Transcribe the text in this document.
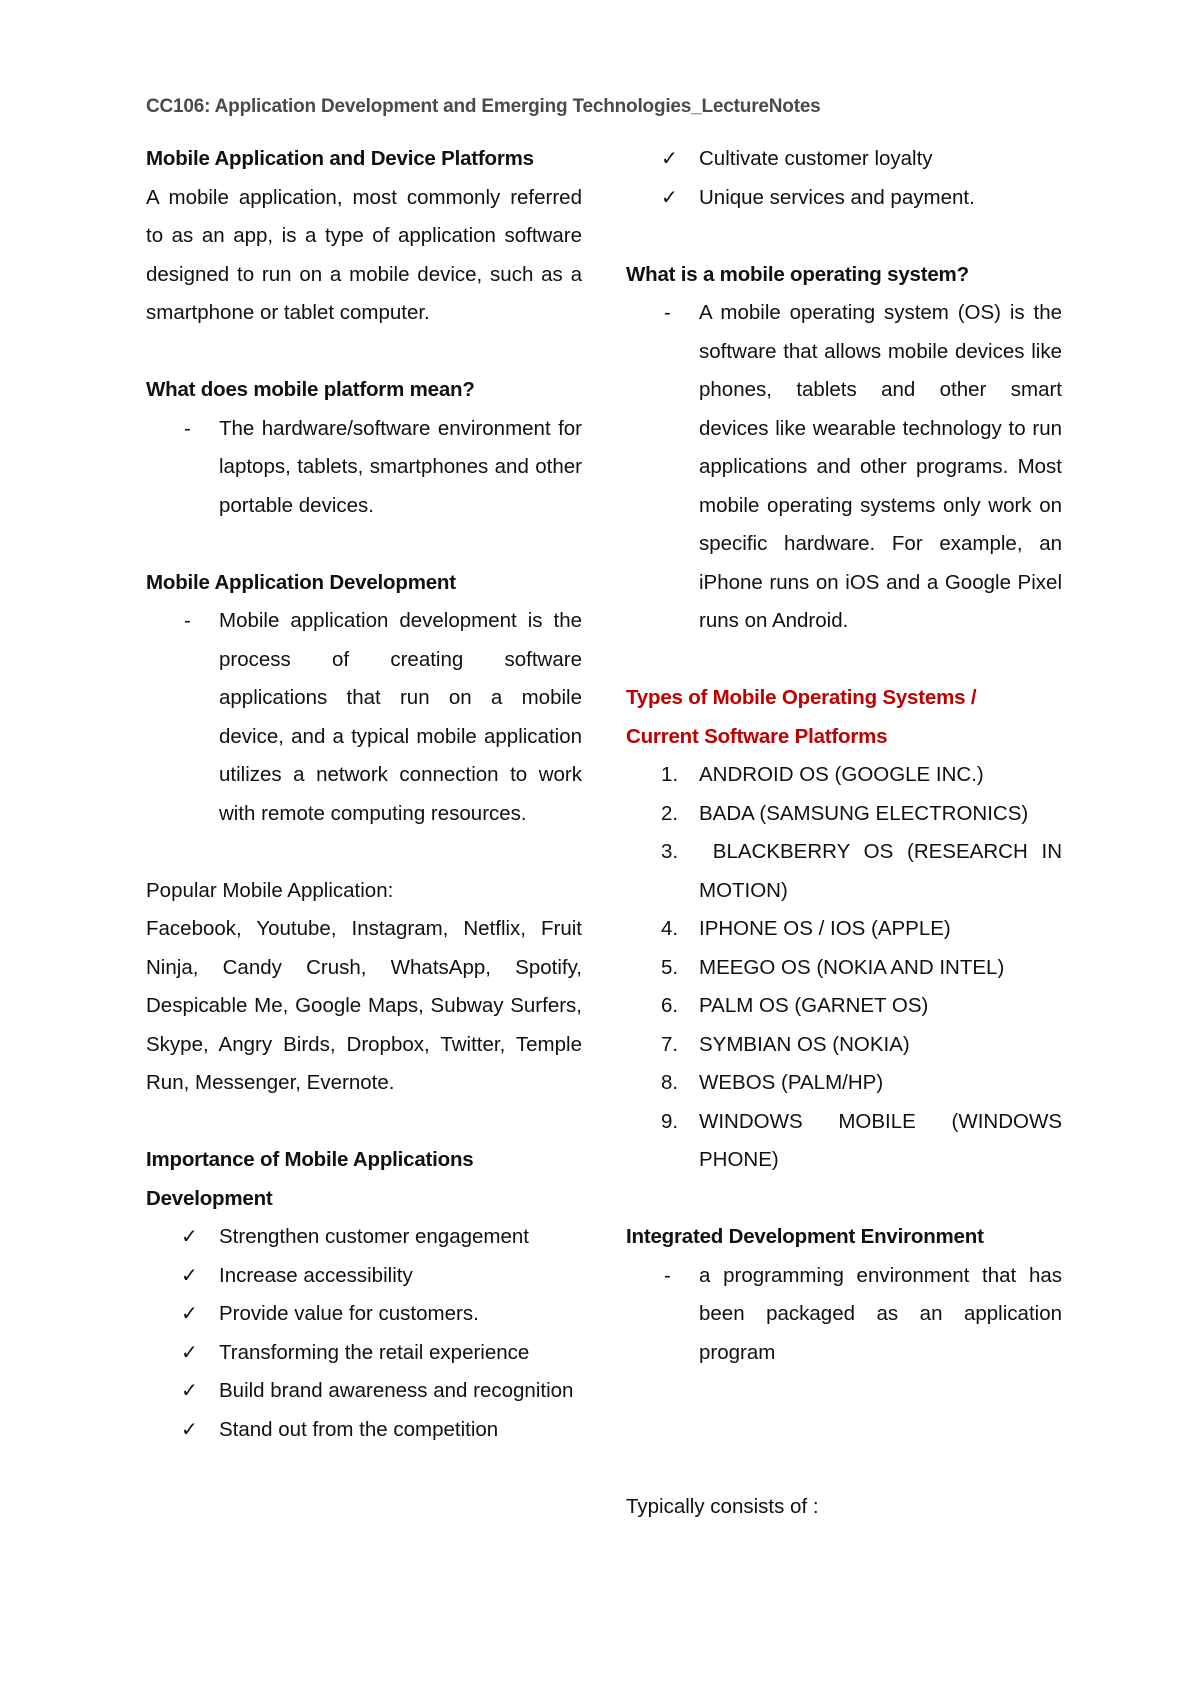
CC106: Application Development and Emerging Technologies_LectureNotes

Mobile Application and Device Platforms

A mobile application, most commonly referred to as an app, is a type of application software designed to run on a mobile device, such as a smartphone or tablet computer.

What does mobile platform mean?

- The hardware/software environment for laptops, tablets, smartphones and other portable devices.

Mobile Application Development

- Mobile application development is the process of creating software applications that run on a mobile device, and a typical mobile application utilizes a network connection to work with remote computing resources.

Popular Mobile Application:

Facebook, Youtube, Instagram, Netflix, Fruit Ninja, Candy Crush, WhatsApp, Spotify, Despicable Me, Google Maps, Subway Surfers, Skype, Angry Birds, Dropbox, Twitter, Temple Run, Messenger, Evernote.

Importance of Mobile Applications

Development

✓ Strengthen customer engagement
✓ Increase accessibility
✓ Provide value for customers.
✓ Transforming the retail experience
✓ Build brand awareness and recognition
✓ Stand out from the competition
✓ Cultivate customer loyalty
✓ Unique services and payment.

What is a mobile operating system?

- A mobile operating system (OS) is the software that allows mobile devices like phones, tablets and other smart devices like wearable technology to run applications and other programs. Most mobile operating systems only work on specific hardware. For example, an iPhone runs on iOS and a Google Pixel runs on Android.

Types of Mobile Operating Systems /

Current Software Platforms

1. ANDROID OS (GOOGLE INC.)
2. BADA (SAMSUNG ELECTRONICS)
3. BLACKBERRY OS (RESEARCH IN MOTION)
4. IPHONE OS / IOS (APPLE)
5. MEEGO OS (NOKIA AND INTEL)
6. PALM OS (GARNET OS)
7. SYMBIAN OS (NOKIA)
8. WEBOS (PALM/HP)
9. WINDOWS MOBILE (WINDOWS PHONE)

Integrated Development Environment

- a programming environment that has been packaged as an application program

Typically consists of :
